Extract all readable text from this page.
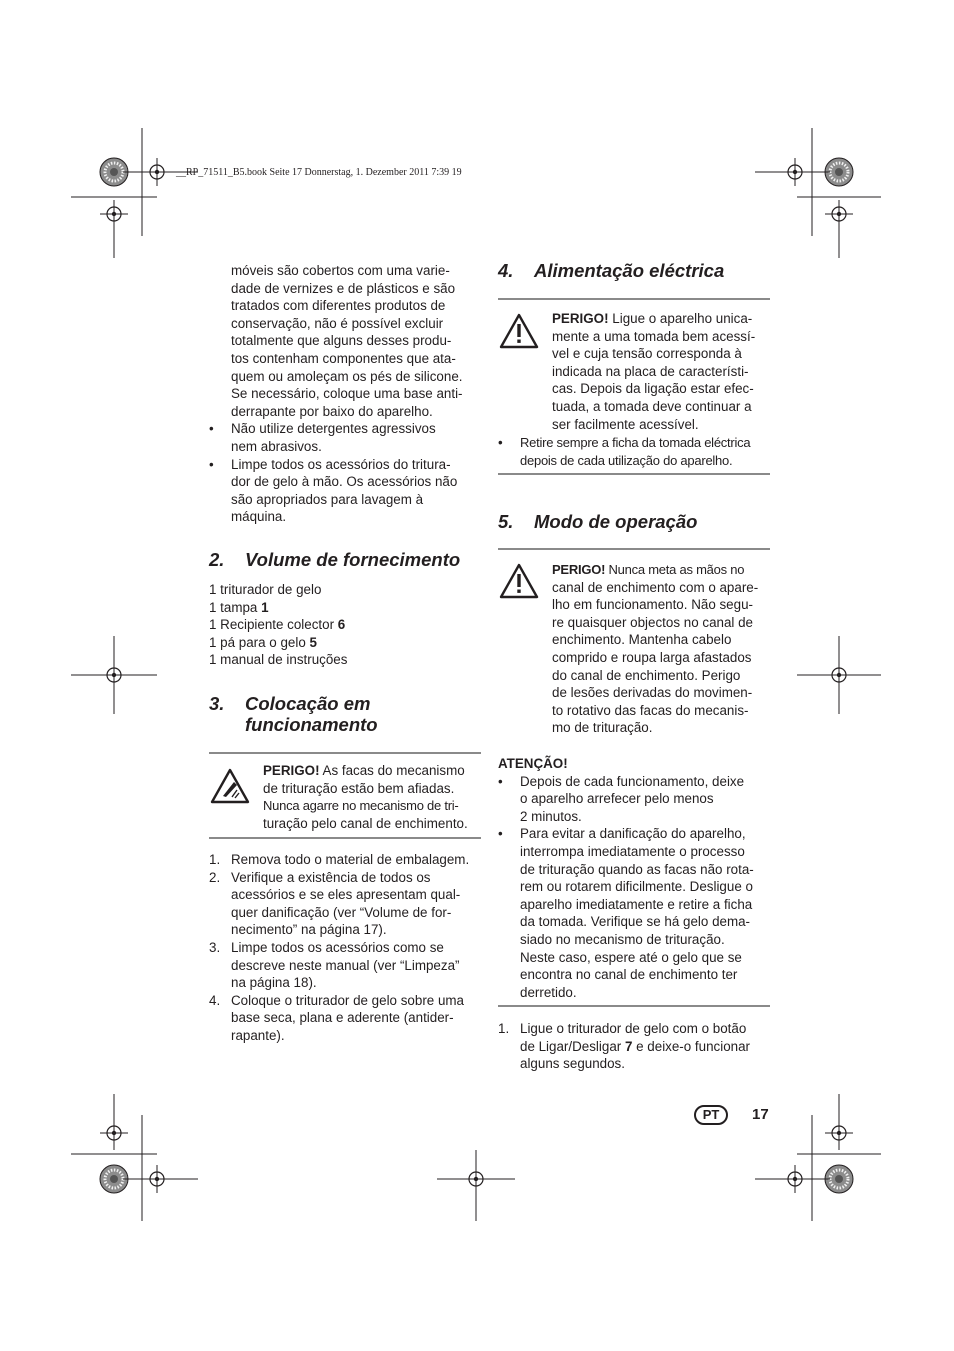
__RP_71511_B5.book Seite 17 Donnerstag, 1. Dezember 2011 7:39 19

móveis são cobertos com uma varie-

dade de vernizes e de plásticos e são

tratados com diferentes produtos de

conservação, não é possível excluir

totalmente que alguns desses produ-

tos contenham componentes que ata-

quem ou amoleçam os pés de silicone.

Se necessário, coloque uma base anti-

derrapante por baixo do aparelho.

• Não utilize detergentes agressivos

nem abrasivos.

• Limpe todos os acessórios do tritura-

dor de gelo à mão. Os acessórios não

são apropriados para lavagem à

máquina.

2. Volume de fornecimento

1 triturador de gelo

1 tampa 1

1 Recipiente colector 6

1 pá para o gelo 5

1 manual de instruções

3. Colocação em
funcionamento

PERIGO! As facas do mecanismo

de trituração estão bem afiadas.

Nunca agarre no mecanismo de tri-

turação pelo canal de enchimento.

1. Remova todo o material de embalagem.

2. Verifique a existência de todos os

acessórios e se eles apresentam qual-

quer danificação (ver “Volume de for-

necimento” na página 17).

3. Limpe todos os acessórios como se

descreve neste manual (ver “Limpeza”

na página 18).

4. Coloque o triturador de gelo sobre uma

base seca, plana e aderente (antider-

rapante).

4. Alimentação eléctrica

PERIGO! Ligue o aparelho unica-

mente a uma tomada bem acessí-

vel e cuja tensão corresponda à

indicada na placa de característi-

cas. Depois da ligação estar efec-

tuada, a tomada deve continuar a

ser facilmente acessível.

• Retire sempre a ficha da tomada eléctrica

depois de cada utilização do aparelho.

5. Modo de operação

PERIGO! Nunca meta as mãos no

canal de enchimento com o apare-

lho em funcionamento. Não segu-

re quaisquer objectos no canal de

enchimento. Mantenha cabelo

comprido e roupa larga afastados

do canal de enchimento. Perigo

de lesões derivadas do movimen-

to rotativo das facas do mecanis-

mo de trituração.

ATENÇÃO!

• Depois de cada funcionamento, deixe

o aparelho arrefecer pelo menos

2 minutos.

• Para evitar a danificação do aparelho,

interrompa imediatamente o processo

de trituração quando as facas não rota-

rem ou rotarem dificilmente. Desligue o

aparelho imediatamente e retire a ficha

da tomada. Verifique se há gelo dema-

siado no mecanismo de trituração.

Neste caso, espere até o gelo que se

encontra no canal de enchimento ter

derretido.

1. Ligue o triturador de gelo com o botão

de Ligar/Desligar 7 e deixe-o funcionar

alguns segundos.

PT	17
